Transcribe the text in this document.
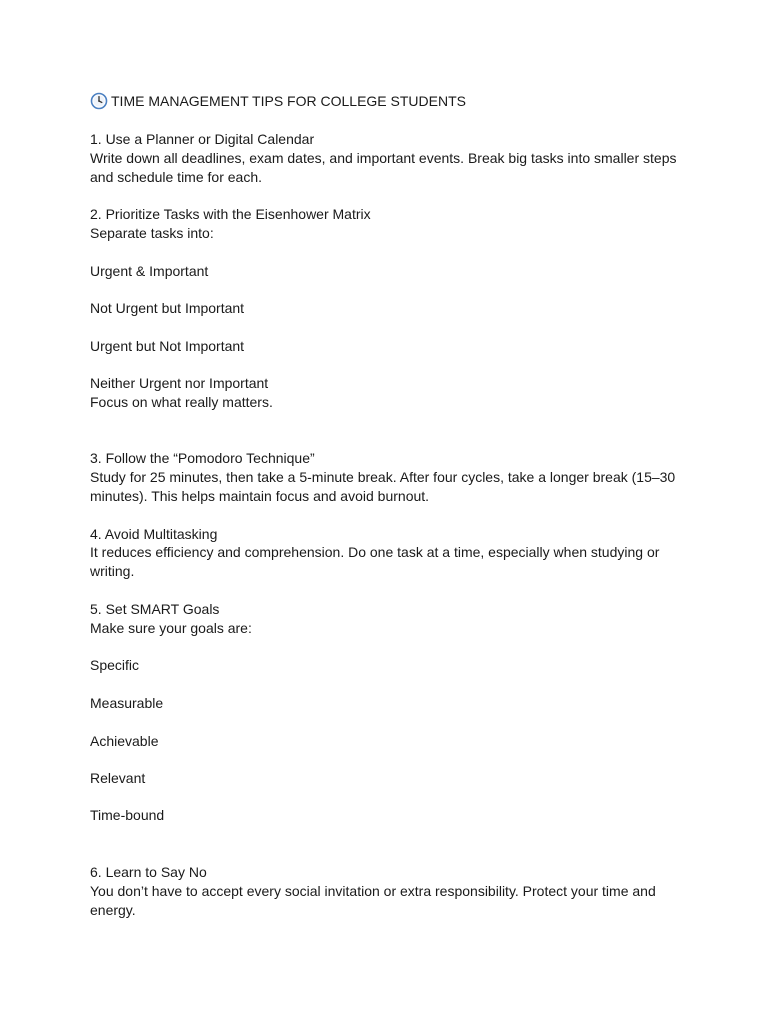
TIME MANAGEMENT TIPS FOR COLLEGE STUDENTS

1. Use a Planner or Digital Calendar

Write down all deadlines, exam dates, and important events. Break big tasks into smaller steps and schedule time for each.

2. Prioritize Tasks with the Eisenhower Matrix

Separate tasks into:

Urgent & Important

Not Urgent but Important

Urgent but Not Important

Neither Urgent nor Important

Focus on what really matters.

3. Follow the “Pomodoro Technique”

Study for 25 minutes, then take a 5-minute break. After four cycles, take a longer break (15–30 minutes). This helps maintain focus and avoid burnout.

4. Avoid Multitasking

It reduces efficiency and comprehension. Do one task at a time, especially when studying or writing.

5. Set SMART Goals

Make sure your goals are:

Specific

Measurable

Achievable

Relevant

Time-bound

6. Learn to Say No

You don’t have to accept every social invitation or extra responsibility. Protect your time and energy.
